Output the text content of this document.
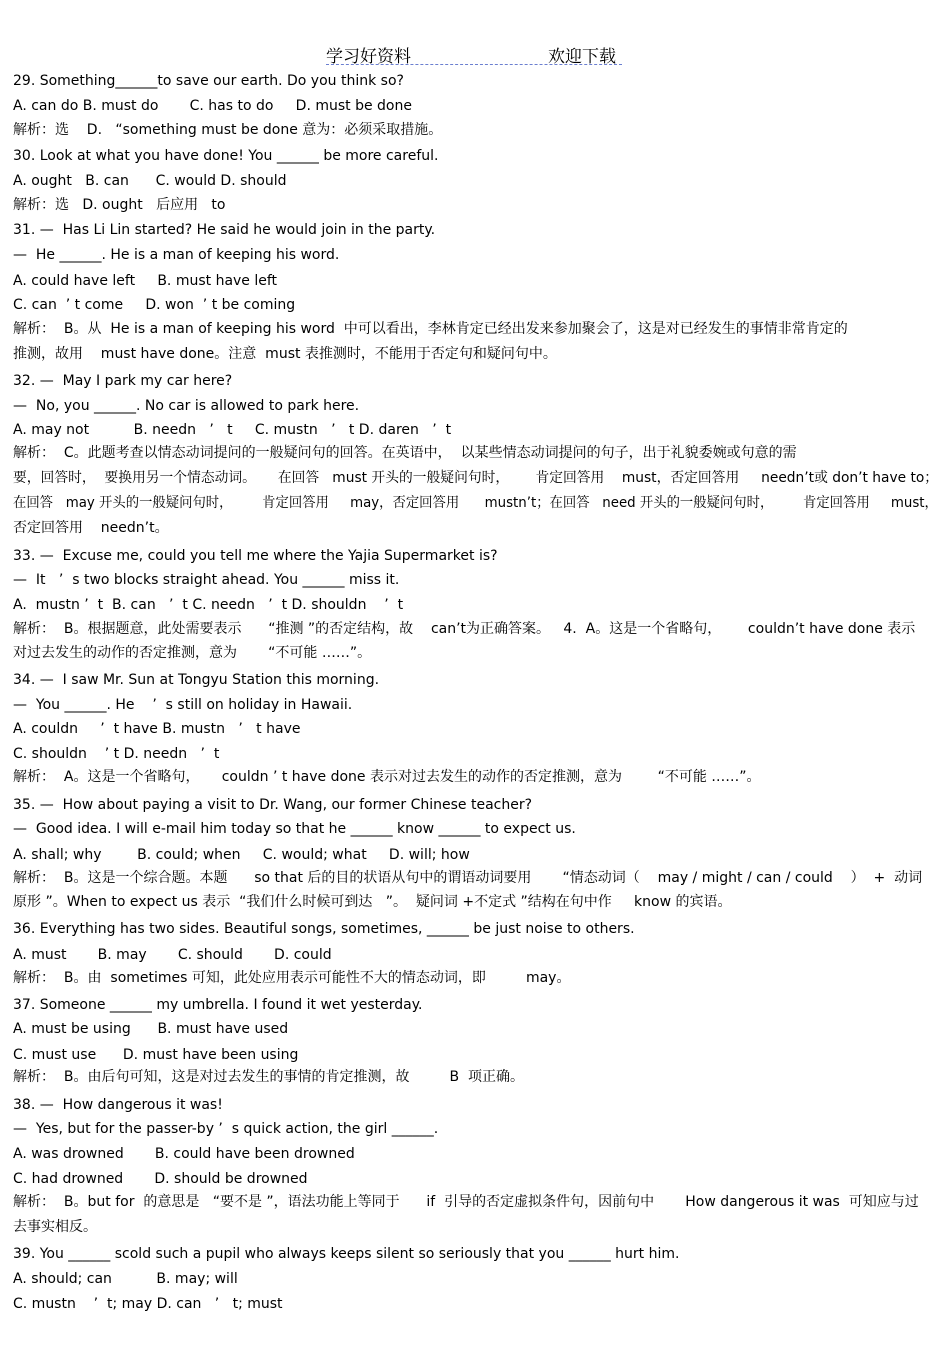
学习好资料	欢迎下载
29. Something______to save our earth. Do you think so?
A. can do B. must do       C. has to do     D. must be done
解析：选    D.   “something must be done 意为：必须采取措施。
30. Look at what you have done! You ______ be more careful.
A. ought   B. can      C. would D. should
解析：选   D. ought   后应用   to
31. —  Has Li Lin started? He said he would join in the party.
—  He ______. He is a man of keeping his word.
A. could have left     B. must have left
C. can  ’ t come     D. won  ’ t be coming
解析：  B。从  He is a man of keeping his word  中可以看出，李林肯定已经出发来参加聚会了，这是对已经发生的事情非常肯定的
推测，故用    must have done。注意  must 表推测时，不能用于否定句和疑问句中。
32. —  May I park my car here?
—  No, you ______. No car is allowed to park here.
A. may not          B. needn   ’   t     C. mustn   ’   t D. daren   ’  t
解析：  C。此题考查以情态动词提问的一般疑问句的回答。在英语中，  以某些情态动词提问的句子，出于礼貌委婉或句意的需
要，回答时，  要换用另一个情态动词。     在回答   must 开头的一般疑问句时，      肯定回答用    must，否定回答用     needn’t或 don’t have to；
在回答   may 开头的一般疑问句时，       肯定回答用     may，否定回答用      mustn’t；在回答   need 开头的一般疑问句时，       肯定回答用     must，
否定回答用    needn’t。
33. —  Excuse me, could you tell me where the Yajia Supermarket is?
—  It   ’  s two blocks straight ahead. You ______ miss it.
A.  mustn ’  t  B. can   ’  t C. needn   ’  t D. shouldn    ’  t
解析：  B。根据题意，此处需要表示      “推测 ”的否定结构，故    can’t为正确答案。   4.  A。这是一个省略句，      couldn’t have done 表示
对过去发生的动作的否定推测，意为       “不可能 ……”。
34. —  I saw Mr. Sun at Tongyu Station this morning.
—  You ______. He    ’  s still on holiday in Hawaii.
A. couldn     ’  t have B. mustn   ’   t have
C. shouldn    ’ t D. needn   ’  t
解析：  A。这是一个省略句，     couldn ’ t have done 表示对过去发生的动作的否定推测，意为        “不可能 ……”。
35. —  How about paying a visit to Dr. Wang, our former Chinese teacher?
—  Good idea. I will e-mail him today so that he ______ know ______ to expect us.
A. shall; why        B. could; when     C. would; what     D. will; how
解析：  B。这是一个综合题。本题      so that 后的目的状语从句中的谓语动词要用       “情态动词（    may / might / can / could    ）  +  动词
原形 ”。When to expect us 表示  “我们什么时候可到达   ”。  疑问词 +不定式 ”结构在句中作     know 的宾语。
36. Everything has two sides. Beautiful songs, sometimes, ______ be just noise to others.
A. must       B. may       C. should       D. could
解析：  B。由  sometimes 可知，此处应用表示可能性不大的情态动词，即         may。
37. Someone ______ my umbrella. I found it wet yesterday.
A. must be using      B. must have used
C. must use      D. must have been using
解析：  B。由后句可知，这是对过去发生的事情的肯定推测，故         B  项正确。
38. —  How dangerous it was!
—  Yes, but for the passer-by ’  s quick action, the girl ______.
A. was drowned       B. could have been drowned
C. had drowned       D. should be drowned
解析：  B。but for  的意思是   “要不是 ”，语法功能上等同于      if  引导的否定虚拟条件句，因前句中       How dangerous it was  可知应与过
去事实相反。
39. You ______ scold such a pupil who always keeps silent so seriously that you ______ hurt him.
A. should; can          B. may; will
C. mustn    ’  t; may D. can   ’   t; must
